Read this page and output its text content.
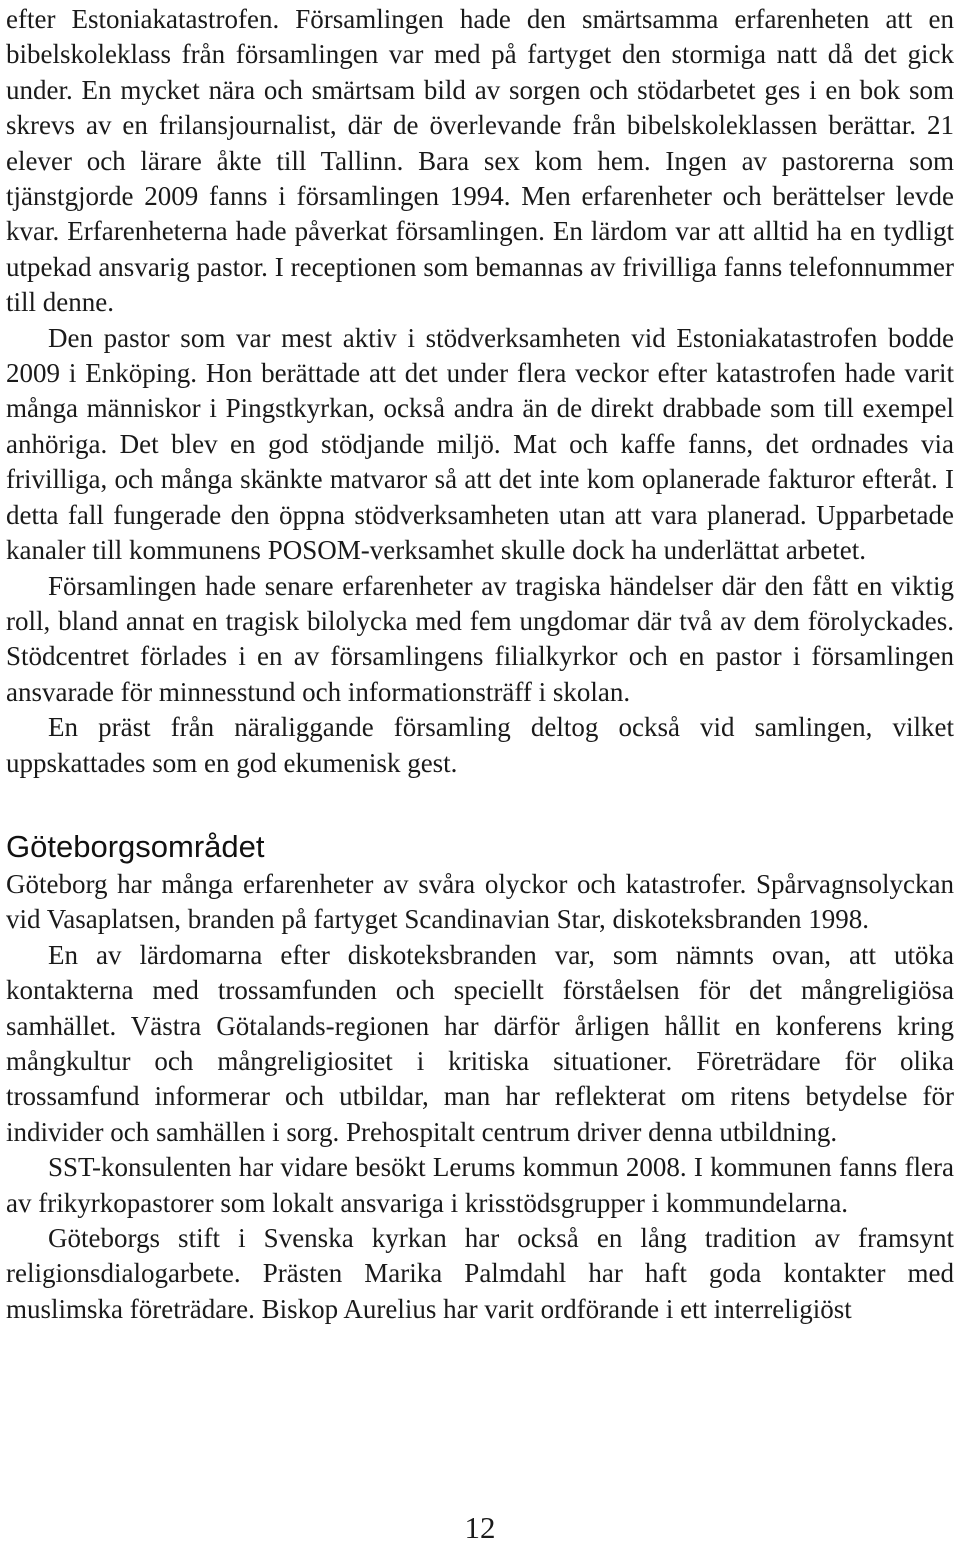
efter Estoniakatastrofen. Församlingen hade den smärtsamma erfarenheten att en bibelskoleklass från församlingen var med på fartyget den stormiga natt då det gick under. En mycket nära och smärtsam bild av sorgen och stödarbetet ges i en bok som skrevs av en frilansjournalist, där de överlevande från bibelskoleklassen berättar. 21 elever och lärare åkte till Tallinn. Bara sex kom hem. Ingen av pastorerna som tjänstgjorde 2009 fanns i församlingen 1994. Men erfarenheter och berättelser levde kvar. Erfarenheterna hade påverkat församlingen. En lärdom var att alltid ha en tydligt utpekad ansvarig pastor. I receptionen som bemannas av frivilliga fanns telefonnummer till denne.

Den pastor som var mest aktiv i stödverksamheten vid Estoniakatastrofen bodde 2009 i Enköping. Hon berättade att det under flera veckor efter katastrofen hade varit många människor i Pingstkyrkan, också andra än de direkt drabbade som till exempel anhöriga. Det blev en god stödjande miljö. Mat och kaffe fanns, det ordnades via frivilliga, och många skänkte matvaror så att det inte kom oplanerade fakturor efteråt. I detta fall fungerade den öppna stödverksamheten utan att vara planerad. Upparbetade kanaler till kommunens POSOM-verksamhet skulle dock ha underlättat arbetet.

Församlingen hade senare erfarenheter av tragiska händelser där den fått en viktig roll, bland annat en tragisk bilolycka med fem ungdomar där två av dem förolyckades. Stödcentret förlades i en av församlingens filialkyrkor och en pastor i församlingen ansvarade för minnesstund och informationsträff i skolan.

En präst från näraliggande församling deltog också vid samlingen, vilket uppskattades som en god ekumenisk gest.

Göteborgsområdet

Göteborg har många erfarenheter av svåra olyckor och katastrofer. Spårvagnsolyckan vid Vasaplatsen, branden på fartyget Scandinavian Star, diskoteksbranden 1998.

En av lärdomarna efter diskoteksbranden var, som nämnts ovan, att utöka kontakterna med trossamfunden och speciellt förståelsen för det mångreligiösa samhället. Västra Götalands-regionen har därför årligen hållit en konferens kring mångkultur och mångreligiositet i kritiska situationer. Företrädare för olika trossamfund informerar och utbildar, man har reflekterat om ritens betydelse för individer och samhällen i sorg. Prehospitalt centrum driver denna utbildning.

SST-konsulenten har vidare besökt Lerums kommun 2008. I kommunen fanns flera av frikyrkopastorer som lokalt ansvariga i krisstödsgrupper i kommundelarna.

Göteborgs stift i Svenska kyrkan har också en lång tradition av framsynt religionsdialogarbete. Prästen Marika Palmdahl har haft goda kontakter med muslimska företrädare. Biskop Aurelius har varit ordförande i ett interreligiöst

12
